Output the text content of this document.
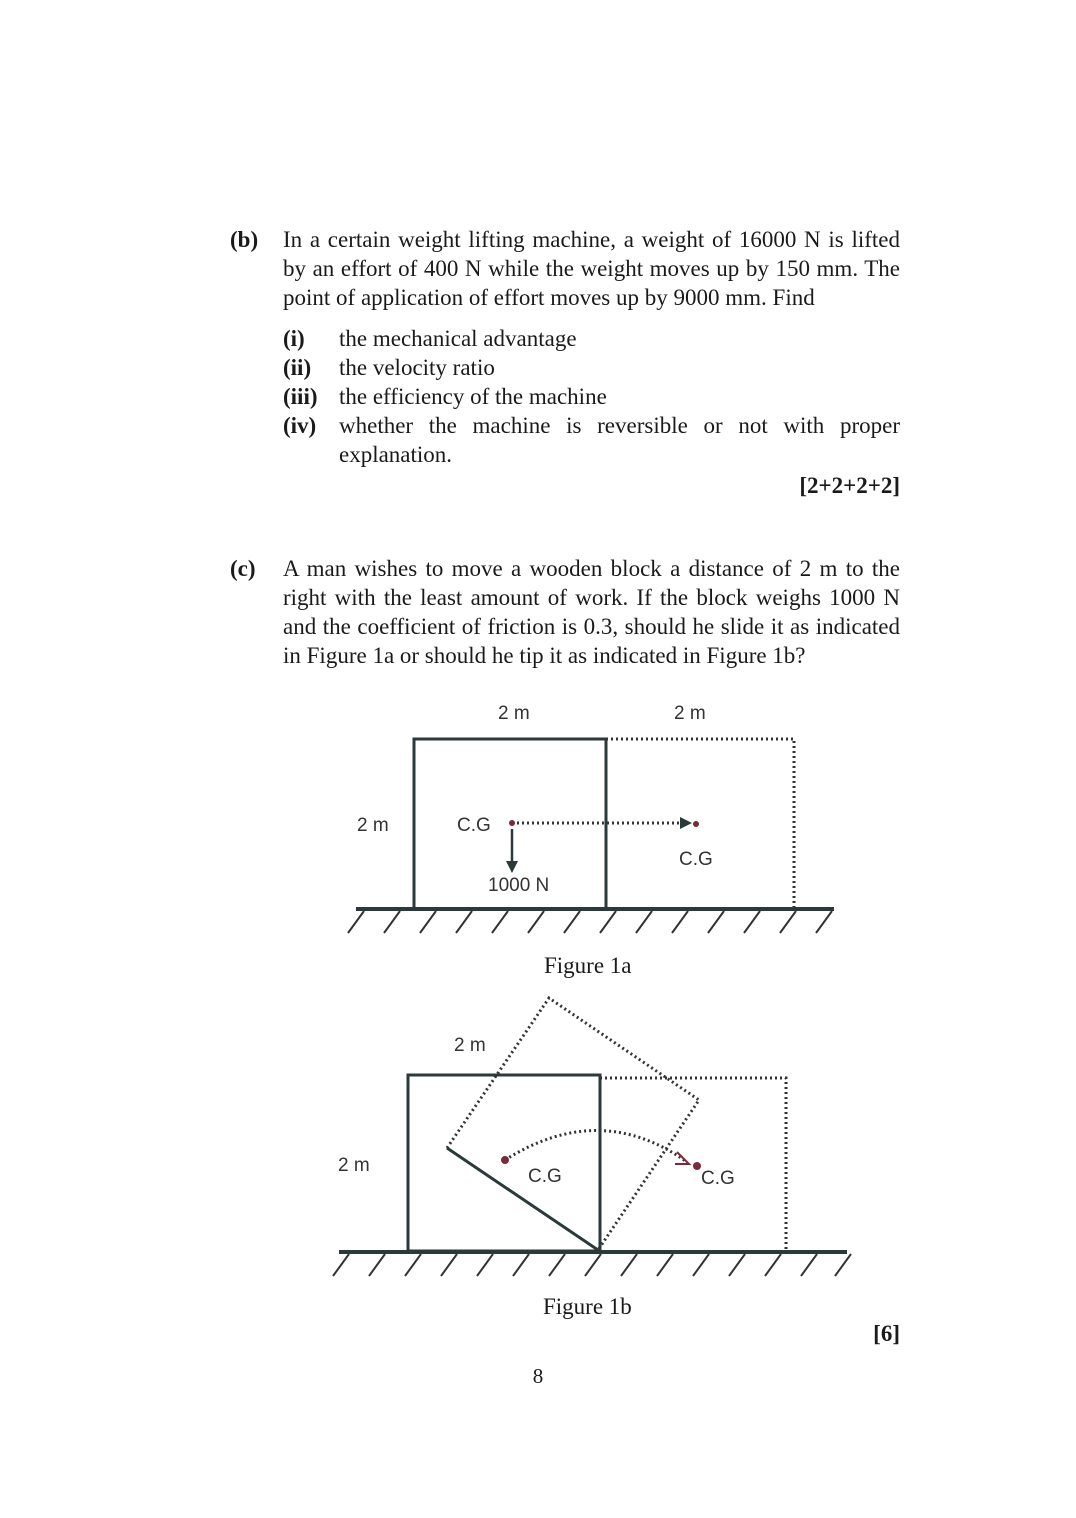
(b) In a certain weight lifting machine, a weight of 16000 N is lifted by an effort of 400 N while the weight moves up by 150 mm. The point of application of effort moves up by 9000 mm. Find
(i) the mechanical advantage
(ii) the velocity ratio
(iii) the efficiency of the machine
(iv) whether the machine is reversible or not with proper explanation.
[2+2+2+2]
(c) A man wishes to move a wooden block a distance of 2 m to the right with the least amount of work. If the block weighs 1000 N and the coefficient of friction is 0.3, should he slide it as indicated in Figure 1a or should he tip it as indicated in Figure 1b?
2 m	2 m
2 m	C.G
C.G
1000 N
Figure 1a
2 m
2 m
C.G	C.G
Figure 1b
[6]
8
